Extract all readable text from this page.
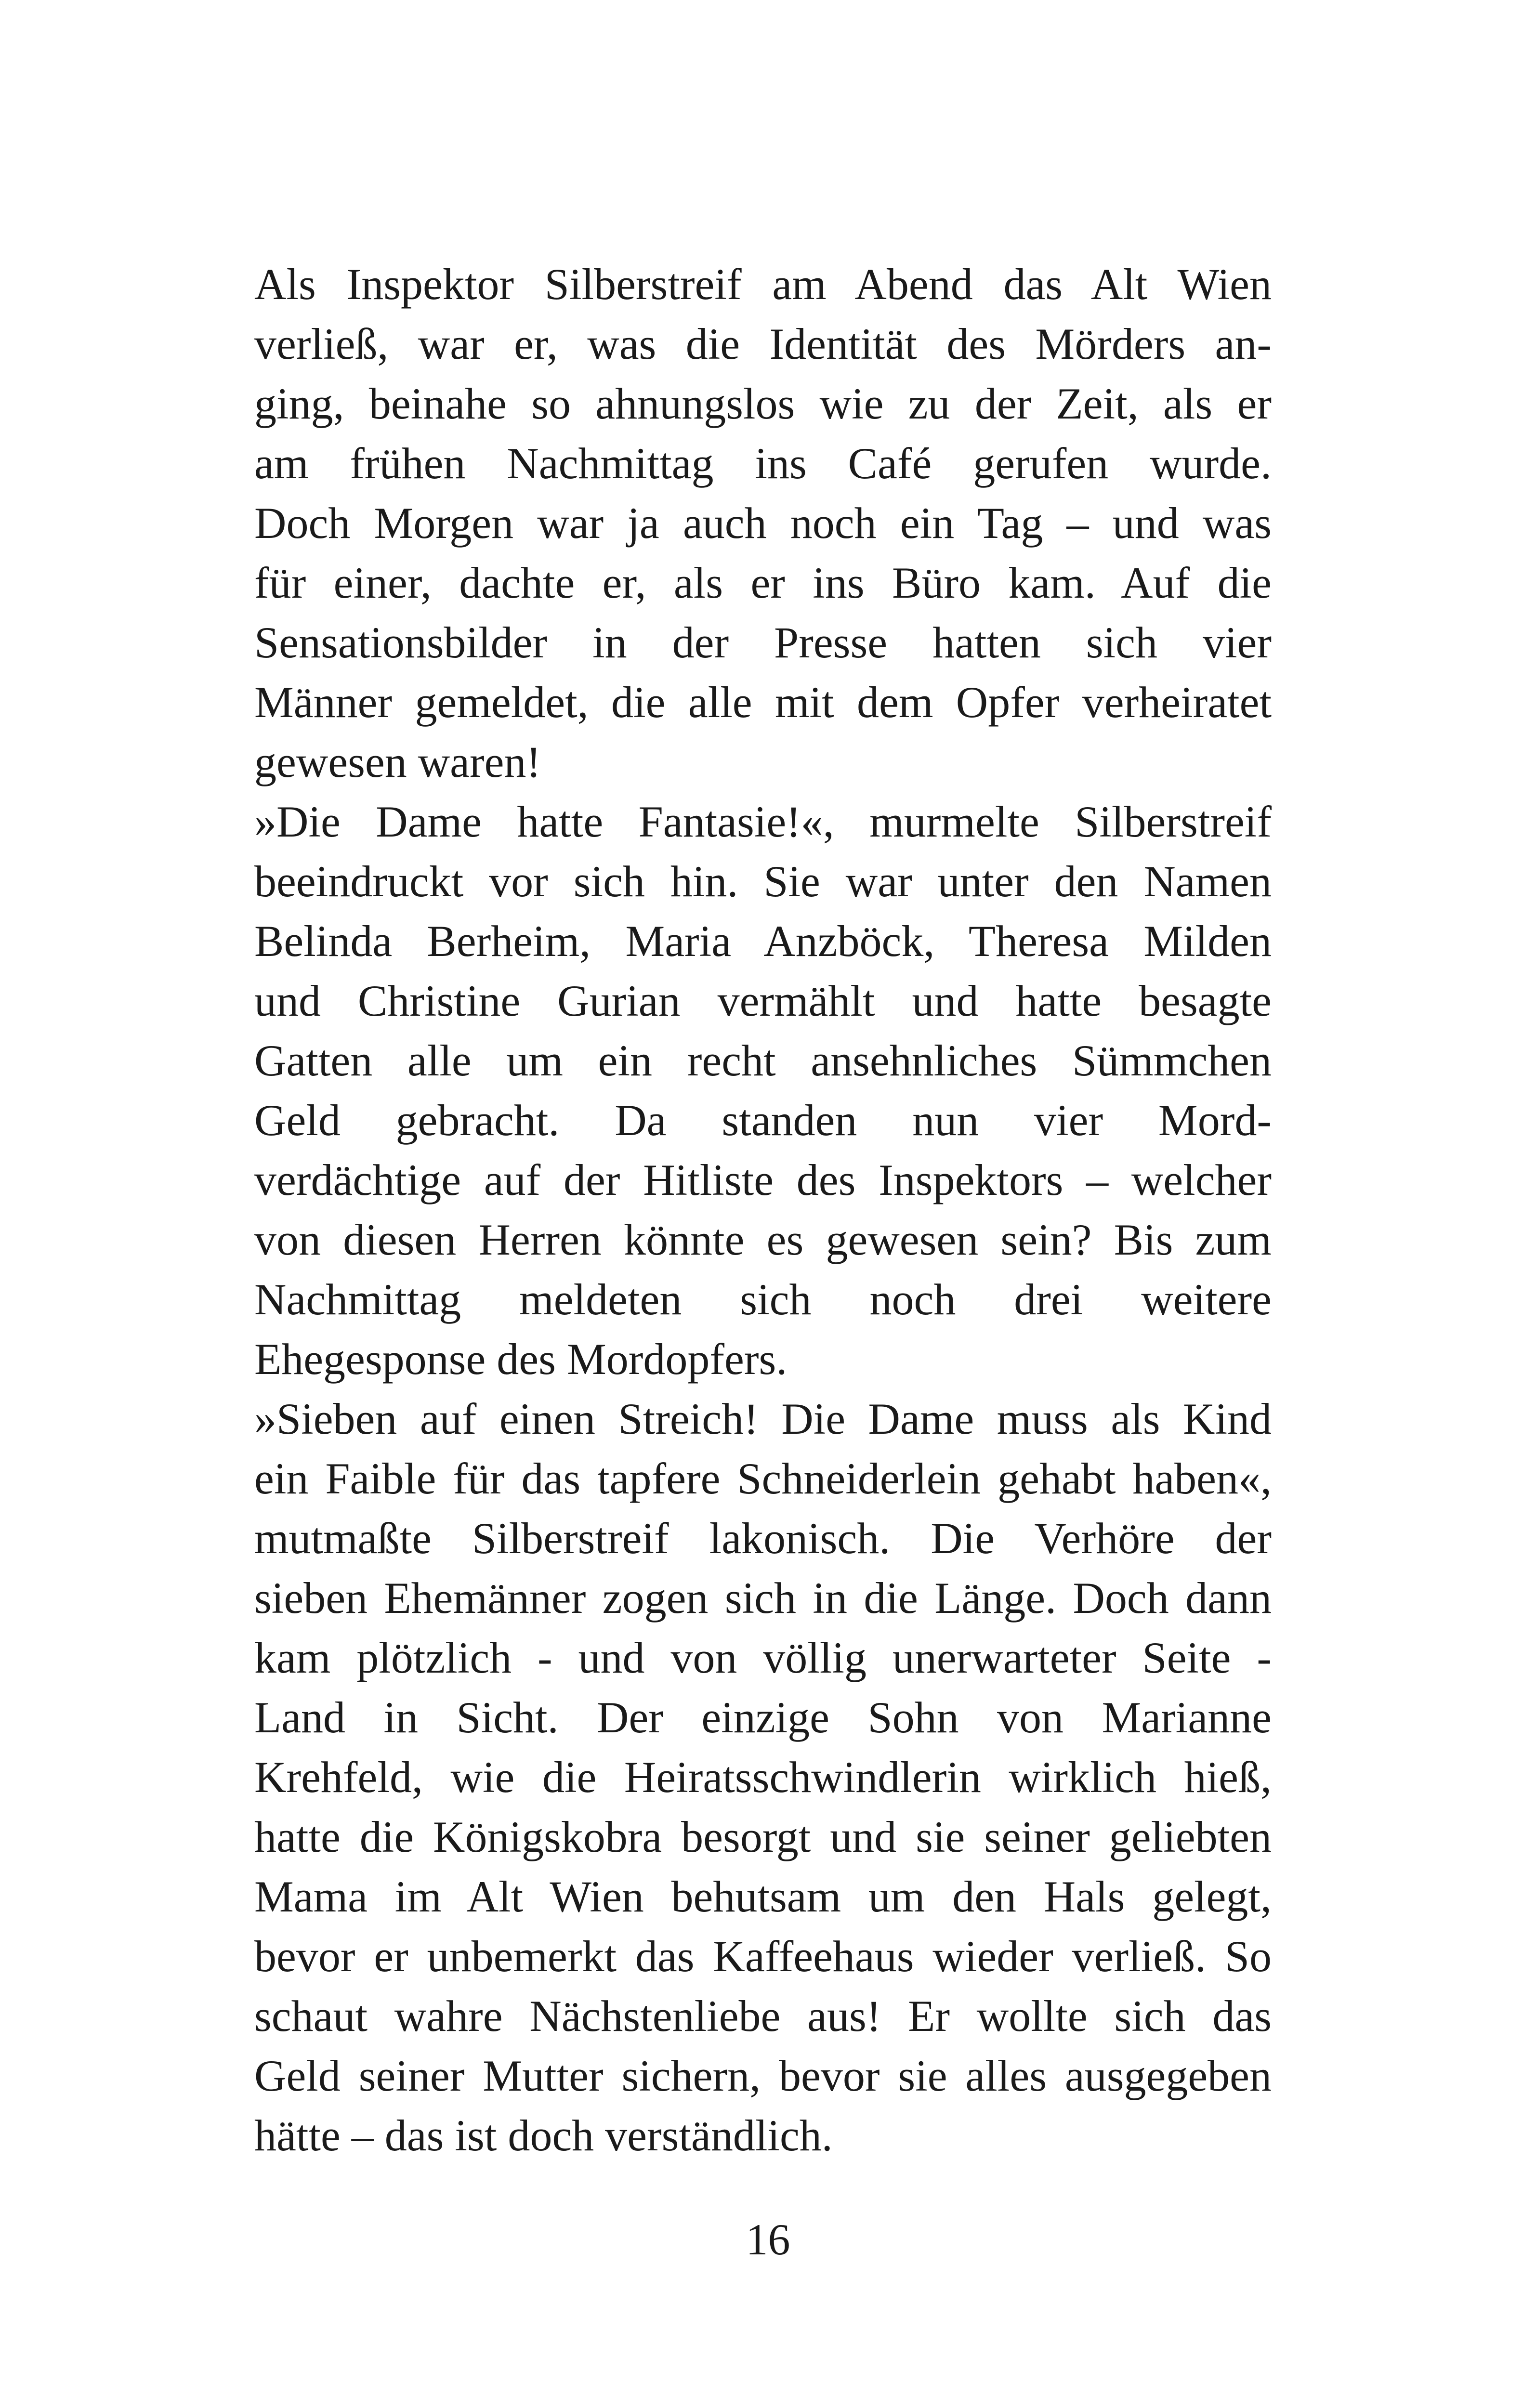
Als Inspektor Silberstreif am Abend das Alt Wien
verließ, war er, was die Identität des Mörders an-
ging, beinahe so ahnungslos wie zu der Zeit, als er
am frühen Nachmittag ins Café gerufen wurde.
Doch Morgen war ja auch noch ein Tag – und was
für einer, dachte er, als er ins Büro kam. Auf die
Sensationsbilder in der Presse hatten sich vier
Männer gemeldet, die alle mit dem Opfer verheiratet
gewesen waren!
»Die Dame hatte Fantasie!«, murmelte Silberstreif
beeindruckt vor sich hin. Sie war unter den Namen
Belinda Berheim, Maria Anzböck, Theresa Milden
und Christine Gurian vermählt und hatte besagte
Gatten alle um ein recht ansehnliches Sümmchen
Geld gebracht. Da standen nun vier Mord-
verdächtige auf der Hitliste des Inspektors – welcher
von diesen Herren könnte es gewesen sein? Bis zum
Nachmittag meldeten sich noch drei weitere
Ehegesponse des Mordopfers.
»Sieben auf einen Streich! Die Dame muss als Kind
ein Faible für das tapfere Schneiderlein gehabt haben«,
mutmaßte Silberstreif lakonisch. Die Verhöre der
sieben Ehemänner zogen sich in die Länge. Doch dann
kam plötzlich - und von völlig unerwarteter Seite -
Land in Sicht. Der einzige Sohn von Marianne
Krehfeld, wie die Heiratsschwindlerin wirklich hieß,
hatte die Königskobra besorgt und sie seiner geliebten
Mama im Alt Wien behutsam um den Hals gelegt,
bevor er unbemerkt das Kaffeehaus wieder verließ. So
schaut wahre Nächstenliebe aus! Er wollte sich das
Geld seiner Mutter sichern, bevor sie alles ausgegeben
hätte – das ist doch verständlich.
16
